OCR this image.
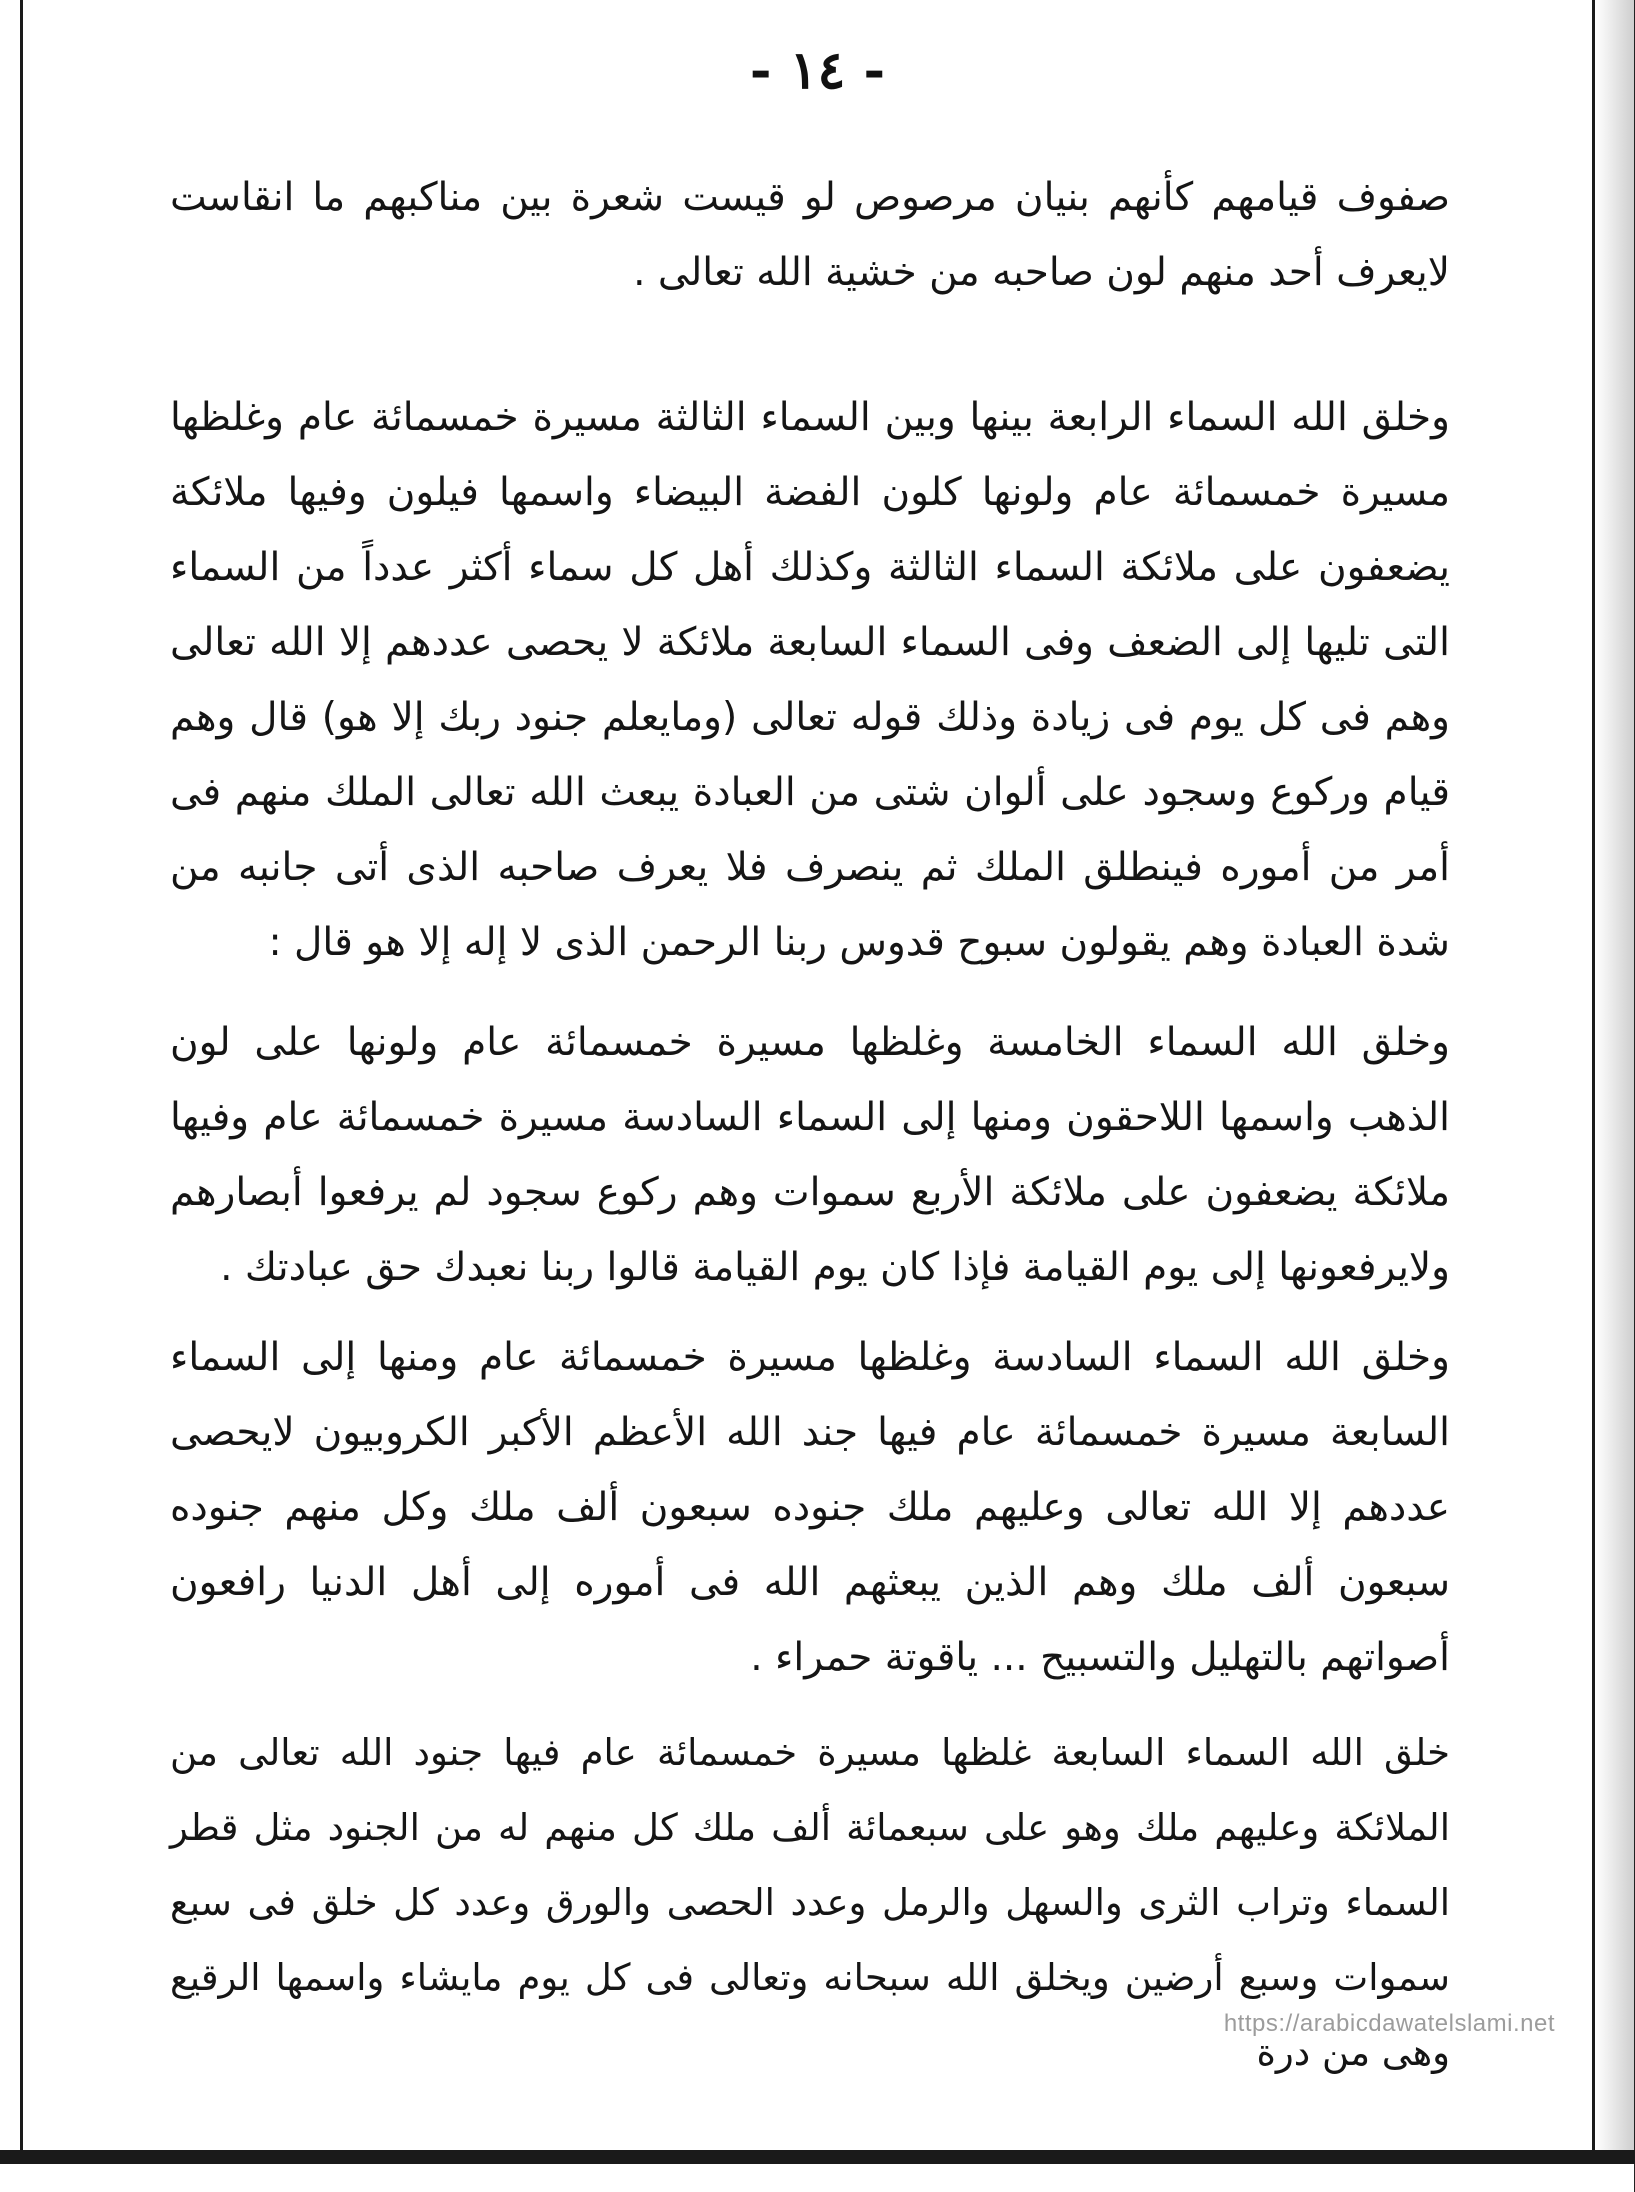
- ١٤ -

صفوف قيامهم كأنهم بنيان مرصوص لو قيست شعرة بين مناكبهم ما انقاست لايعرف أحد منهم لون صاحبه من خشية الله تعالى .

وخلق الله السماء الرابعة بينها وبين السماء الثالثة مسيرة خمسمائة عام وغلظها مسيرة خمسمائة عام ولونها كلون الفضة البيضاء واسمها فيلون وفيها ملائكة يضعفون على ملائكة السماء الثالثة وكذلك أهل كل سماء أكثر عدداً من السماء التى تليها إلى الضعف وفى السماء السابعة ملائكة لا يحصى عددهم إلا الله تعالى وهم فى كل يوم فى زيادة وذلك قوله تعالى (ومايعلم جنود ربك إلا هو) قال وهم قيام وركوع وسجود على ألوان شتى من العبادة يبعث الله تعالى الملك منهم فى أمر من أموره فينطلق الملك ثم ينصرف فلا يعرف صاحبه الذى أتى جانبه من شدة العبادة وهم يقولون سبوح قدوس ربنا الرحمن الذى لا إله إلا هو قال :

وخلق الله السماء الخامسة وغلظها مسيرة خمسمائة عام ولونها على لون الذهب واسمها اللاحقون ومنها إلى السماء السادسة مسيرة خمسمائة عام وفيها ملائكة يضعفون على ملائكة الأربع سموات وهم ركوع سجود لم يرفعوا أبصارهم ولايرفعونها إلى يوم القيامة فإذا كان يوم القيامة قالوا ربنا نعبدك حق عبادتك .

وخلق الله السماء السادسة وغلظها مسيرة خمسمائة عام ومنها إلى السماء السابعة مسيرة خمسمائة عام فيها جند الله الأعظم الأكبر الكروبيون لايحصى عددهم إلا الله تعالى وعليهم ملك جنوده سبعون ألف ملك وكل منهم جنوده سبعون ألف ملك وهم الذين يبعثهم الله فى أموره إلى أهل الدنيا رافعون أصواتهم بالتهليل والتسبيح ... ياقوتة حمراء .

خلق الله السماء السابعة غلظها مسيرة خمسمائة عام فيها جنود الله تعالى من الملائكة وعليهم ملك وهو على سبعمائة ألف ملك كل منهم له من الجنود مثل قطر السماء وتراب الثرى والسهل والرمل وعدد الحصى والورق وعدد كل خلق فى سبع سموات وسبع أرضين ويخلق الله سبحانه وتعالى فى كل يوم مايشاء واسمها الرقيع وهى من درة

https://arabicdawatelslami.net
